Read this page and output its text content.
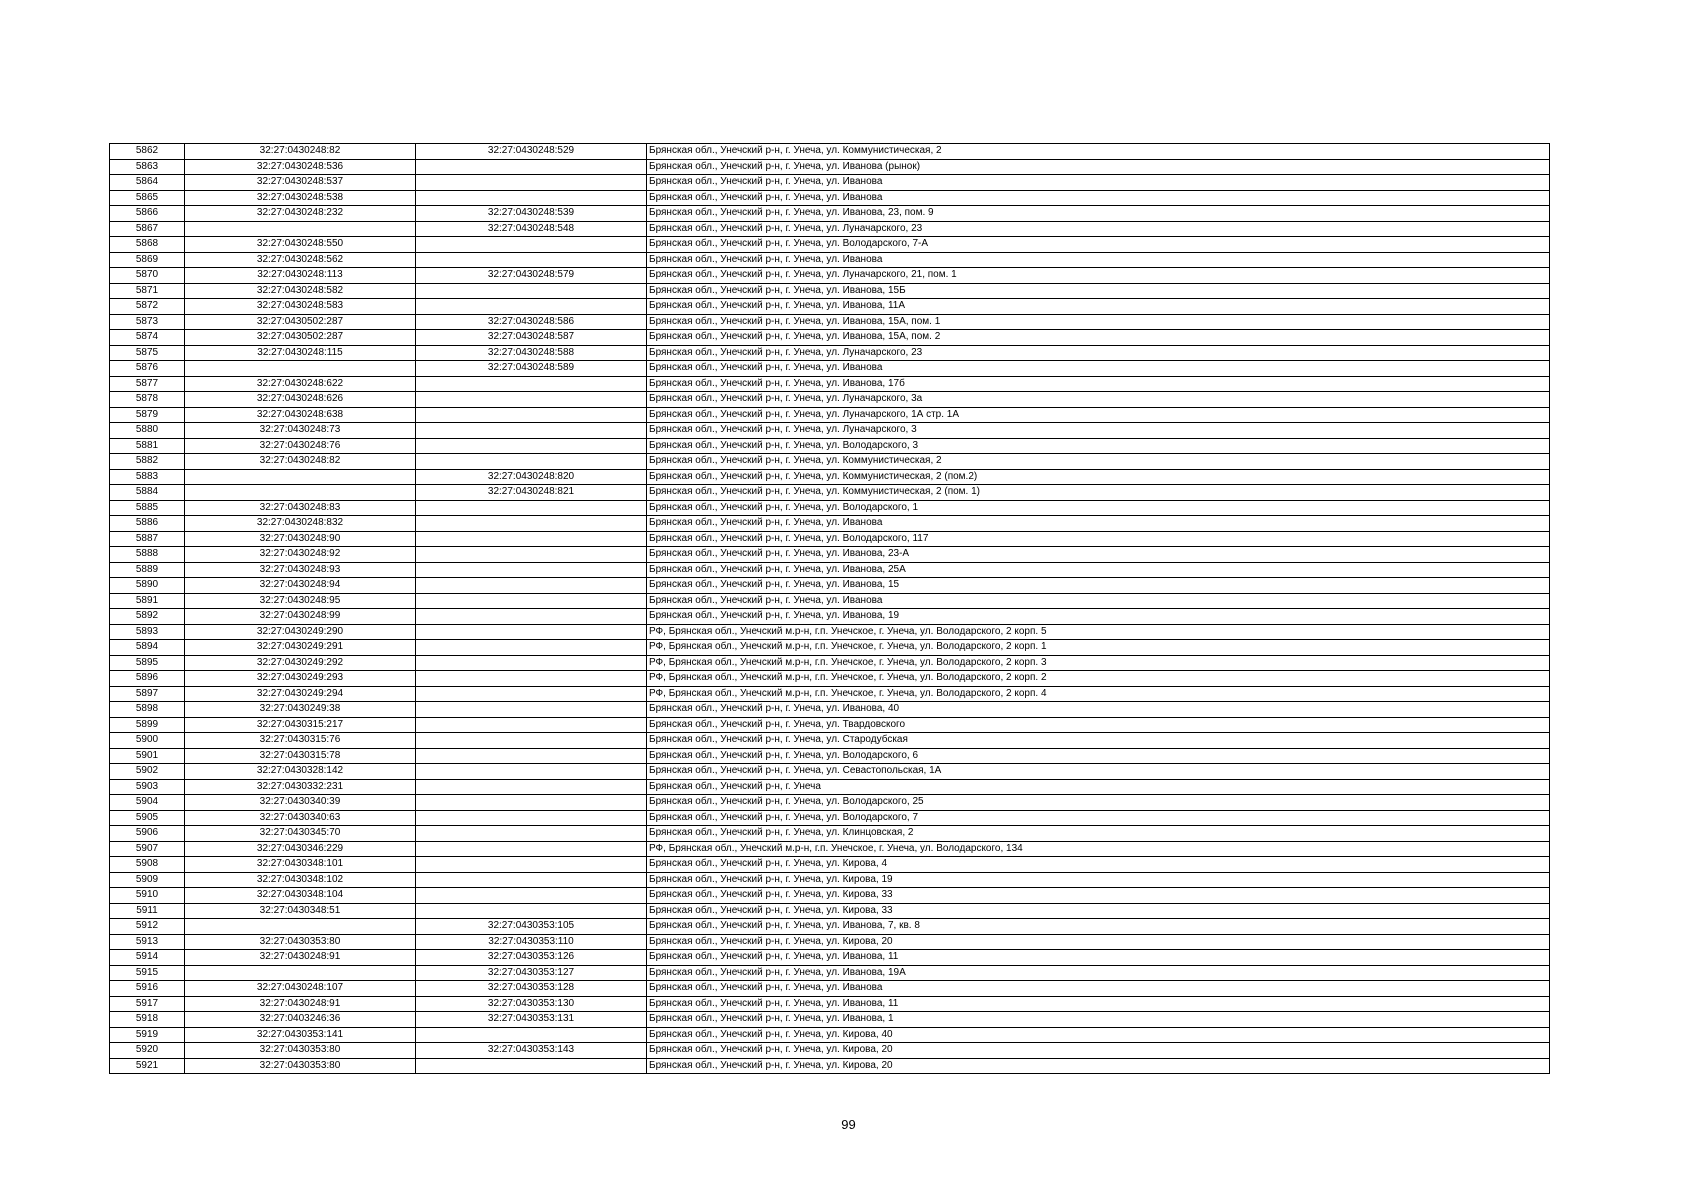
5862	32:27:0430248:82	32:27:0430248:529	Брянская обл., Унечский р-н, г. Унеча, ул. Коммунистическая, 2
5863	32:27:0430248:536		Брянская обл., Унечский р-н, г. Унеча, ул. Иванова (рынок)
5864	32:27:0430248:537		Брянская обл., Унечский р-н, г. Унеча, ул. Иванова
5865	32:27:0430248:538		Брянская обл., Унечский р-н, г. Унеча, ул. Иванова
5866	32:27:0430248:232	32:27:0430248:539	Брянская обл., Унечский р-н, г. Унеча, ул. Иванова, 23, пом. 9
5867		32:27:0430248:548	Брянская обл., Унечский р-н, г. Унеча, ул. Луначарского, 23
5868	32:27:0430248:550		Брянская обл., Унечский р-н, г. Унеча, ул. Володарского, 7-А
5869	32:27:0430248:562		Брянская обл., Унечский р-н, г. Унеча, ул. Иванова
5870	32:27:0430248:113	32:27:0430248:579	Брянская обл., Унечский р-н, г. Унеча, ул. Луначарского, 21, пом. 1
5871	32:27:0430248:582		Брянская обл., Унечский р-н, г. Унеча, ул. Иванова, 15Б
5872	32:27:0430248:583		Брянская обл., Унечский р-н, г. Унеча, ул. Иванова, 11А
5873	32:27:0430502:287	32:27:0430248:586	Брянская обл., Унечский р-н, г. Унеча, ул. Иванова, 15А, пом. 1
5874	32:27:0430502:287	32:27:0430248:587	Брянская обл., Унечский р-н, г. Унеча, ул. Иванова, 15А, пом. 2
5875	32:27:0430248:115	32:27:0430248:588	Брянская обл., Унечский р-н, г. Унеча, ул. Луначарского, 23
5876		32:27:0430248:589	Брянская обл., Унечский р-н, г. Унеча, ул. Иванова
5877	32:27:0430248:622		Брянская обл., Унечский р-н, г. Унеча, ул. Иванова, 17б
5878	32:27:0430248:626		Брянская обл., Унечский р-н, г. Унеча, ул. Луначарского, 3а
5879	32:27:0430248:638		Брянская обл., Унечский р-н, г. Унеча, ул. Луначарского, 1А стр. 1А
5880	32:27:0430248:73		Брянская обл., Унечский р-н, г. Унеча, ул. Луначарского, 3
5881	32:27:0430248:76		Брянская обл., Унечский р-н, г. Унеча, ул. Володарского, 3
5882	32:27:0430248:82		Брянская обл., Унечский р-н, г. Унеча, ул. Коммунистическая, 2
5883		32:27:0430248:820	Брянская обл., Унечский р-н, г. Унеча, ул. Коммунистическая, 2 (пом.2)
5884		32:27:0430248:821	Брянская обл., Унечский р-н, г. Унеча, ул. Коммунистическая, 2 (пом. 1)
5885	32:27:0430248:83		Брянская обл., Унечский р-н, г. Унеча, ул. Володарского, 1
5886	32:27:0430248:832		Брянская обл., Унечский р-н, г. Унеча, ул. Иванова
5887	32:27:0430248:90		Брянская обл., Унечский р-н, г. Унеча, ул. Володарского, 117
5888	32:27:0430248:92		Брянская обл., Унечский р-н, г. Унеча, ул. Иванова, 23-А
5889	32:27:0430248:93		Брянская обл., Унечский р-н, г. Унеча, ул. Иванова, 25А
5890	32:27:0430248:94		Брянская обл., Унечский р-н, г. Унеча, ул. Иванова, 15
5891	32:27:0430248:95		Брянская обл., Унечский р-н, г. Унеча, ул. Иванова
5892	32:27:0430248:99		Брянская обл., Унечский р-н, г. Унеча, ул. Иванова, 19
5893	32:27:0430249:290		РФ, Брянская обл., Унечский м.р-н, г.п. Унечское, г. Унеча, ул. Володарского, 2 корп. 5
5894	32:27:0430249:291		РФ, Брянская обл., Унечский м.р-н, г.п. Унечское, г. Унеча, ул. Володарского, 2 корп. 1
5895	32:27:0430249:292		РФ, Брянская обл., Унечский м.р-н, г.п. Унечское, г. Унеча, ул. Володарского, 2 корп. 3
5896	32:27:0430249:293		РФ, Брянская обл., Унечский м.р-н, г.п. Унечское, г. Унеча, ул. Володарского, 2 корп. 2
5897	32:27:0430249:294		РФ, Брянская обл., Унечский м.р-н, г.п. Унечское, г. Унеча, ул. Володарского, 2 корп. 4
5898	32:27:0430249:38		Брянская обл., Унечский р-н, г. Унеча, ул. Иванова, 40
5899	32:27:0430315:217		Брянская обл., Унечский р-н, г. Унеча, ул. Твардовского
5900	32:27:0430315:76		Брянская обл., Унечский р-н, г. Унеча, ул. Стародубская
5901	32:27:0430315:78		Брянская обл., Унечский р-н, г. Унеча, ул. Володарского, 6
5902	32:27:0430328:142		Брянская обл., Унечский р-н, г. Унеча, ул. Севастопольская, 1А
5903	32:27:0430332:231		Брянская обл., Унечский р-н, г. Унеча
5904	32:27:0430340:39		Брянская обл., Унечский р-н, г. Унеча, ул. Володарского, 25
5905	32:27:0430340:63		Брянская обл., Унечский р-н, г. Унеча, ул. Володарского, 7
5906	32:27:0430345:70		Брянская обл., Унечский р-н, г. Унеча, ул. Клинцовская, 2
5907	32:27:0430346:229		РФ, Брянская обл., Унечский м.р-н, г.п. Унечское, г. Унеча, ул. Володарского, 134
5908	32:27:0430348:101		Брянская обл., Унечский р-н, г. Унеча, ул. Кирова, 4
5909	32:27:0430348:102		Брянская обл., Унечский р-н, г. Унеча, ул. Кирова, 19
5910	32:27:0430348:104		Брянская обл., Унечский р-н, г. Унеча, ул. Кирова, 33
5911	32:27:0430348:51		Брянская обл., Унечский р-н, г. Унеча, ул. Кирова, 33
5912		32:27:0430353:105	Брянская обл., Унечский р-н, г. Унеча, ул. Иванова, 7, кв. 8
5913	32:27:0430353:80	32:27:0430353:110	Брянская обл., Унечский р-н, г. Унеча, ул. Кирова, 20
5914	32:27:0430248:91	32:27:0430353:126	Брянская обл., Унечский р-н, г. Унеча, ул. Иванова, 11
5915		32:27:0430353:127	Брянская обл., Унечский р-н, г. Унеча, ул. Иванова, 19А
5916	32:27:0430248:107	32:27:0430353:128	Брянская обл., Унечский р-н, г. Унеча, ул. Иванова
5917	32:27:0430248:91	32:27:0430353:130	Брянская обл., Унечский р-н, г. Унеча, ул. Иванова, 11
5918	32:27:0403246:36	32:27:0430353:131	Брянская обл., Унечский р-н, г. Унеча, ул. Иванова, 1
5919	32:27:0430353:141		Брянская обл., Унечский р-н, г. Унеча, ул. Кирова, 40
5920	32:27:0430353:80	32:27:0430353:143	Брянская обл., Унечский р-н, г. Унеча, ул. Кирова, 20
5921	32:27:0430353:80		Брянская обл., Унечский р-н, г. Унеча, ул. Кирова, 20
99
